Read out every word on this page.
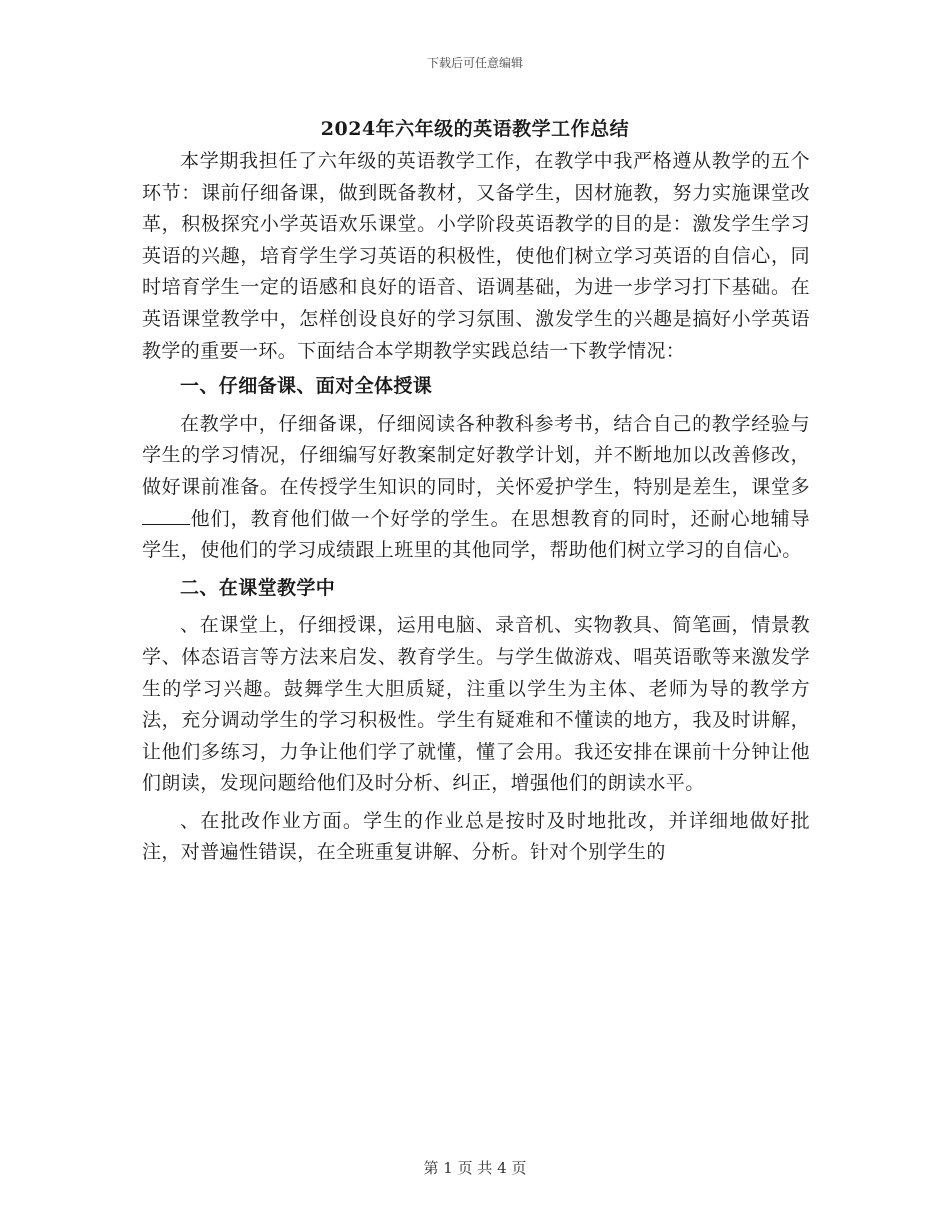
下载后可任意编辑
2024年六年级的英语教学工作总结

本学期我担任了六年级的英语教学工作，在教学中我严格遵从教学的五个环节：课前仔细备课，做到既备教材，又备学生，因材施教，努力实施课堂改革，积极探究小学英语欢乐课堂。小学阶段英语教学的目的是：激发学生学习英语的兴趣，培育学生学习英语的积极性，使他们树立学习英语的自信心，同时培育学生一定的语感和良好的语音、语调基础，为进一步学习打下基础。在英语课堂教学中，怎样创设良好的学习氛围、激发学生的兴趣是搞好小学英语教学的重要一环。下面结合本学期教学实践总结一下教学情况：

一、仔细备课、面对全体授课

在教学中，仔细备课，仔细阅读各种教科参考书，结合自己的教学经验与学生的学习情况，仔细编写好教案制定好教学计划，并不断地加以改善修改，做好课前准备。在传授学生知识的同时，关怀爱护学生，特别是差生，课堂多他们，教育他们做一个好学的学生。在思想教育的同时，还耐心地辅导学生，使他们的学习成绩跟上班里的其他同学，帮助他们树立学习的自信心。

二、在课堂教学中

、在课堂上，仔细授课，运用电脑、录音机、实物教具、简笔画，情景教学、体态语言等方法来启发、教育学生。与学生做游戏、唱英语歌等来激发学生的学习兴趣。鼓舞学生大胆质疑，注重以学生为主体、老师为导的教学方法，充分调动学生的学习积极性。学生有疑难和不懂读的地方，我及时讲解，让他们多练习，力争让他们学了就懂，懂了会用。我还安排在课前十分钟让他们朗读，发现问题给他们及时分析、纠正，增强他们的朗读水平。

、在批改作业方面。学生的作业总是按时及时地批改，并详细地做好批注，对普遍性错误，在全班重复讲解、分析。针对个别学生的

第 1 页 共 4 页
